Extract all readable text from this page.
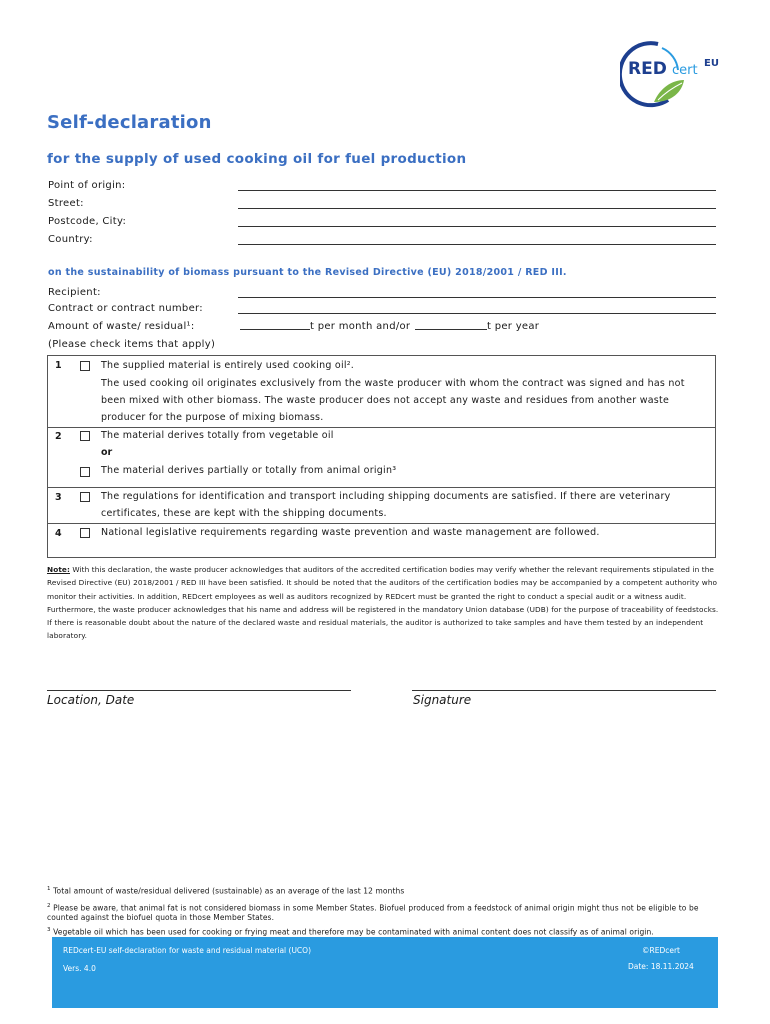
RED cert EU
Self-declaration
for the supply of used cooking oil for fuel production
Point of origin:
Street:
Postcode, City:
Country:
on the sustainability of biomass pursuant to the Revised Directive (EU) 2018/2001 / RED III.
Recipient:
Contract or contract number:
Amount of waste/ residual¹:	t per month and/or	t per year
(Please check items that apply)
1	The supplied material is entirely used cooking oil².
The used cooking oil originates exclusively from the waste producer with whom the contract was signed and has not been mixed with other biomass. The waste producer does not accept any waste and residues from another waste producer for the purpose of mixing biomass.
2	The material derives totally from vegetable oil
or
The material derives partially or totally from animal origin³
3	The regulations for identification and transport including shipping documents are satisfied. If there are veterinary certificates, these are kept with the shipping documents.
4	National legislative requirements regarding waste prevention and waste management are followed.
Note: With this declaration, the waste producer acknowledges that auditors of the accredited certification bodies may verify whether the relevant requirements stipulated in the Revised Directive (EU) 2018/2001 / RED III have been satisfied. It should be noted that the auditors of the certification bodies may be accompanied by a competent authority who monitor their activities. In addition, REDcert employees as well as auditors recognized by REDcert must be granted the right to conduct a special audit or a witness audit. Furthermore, the waste producer acknowledges that his name and address will be registered in the mandatory Union database (UDB) for the purpose of traceability of feedstocks. If there is reasonable doubt about the nature of the declared waste and residual materials, the auditor is authorized to take samples and have them tested by an independent laboratory.
Location, Date	Signature
$^1$ Total amount of waste/residual delivered (sustainable) as an average of the last 12 months
$^2$ Please be aware, that animal fat is not considered biomass in some Member States. Biofuel produced from a feedstock of animal origin might thus not be eligible to be counted against the biofuel quota in those Member States.
$^3$ Vegetable oil which has been used for cooking or frying meat and therefore may be contaminated with animal content does not classify as of animal origin.
REDcert-EU self-declaration for waste and residual material (UCO)
Vers. 4.0
©REDcert
Date: 18.11.2024
